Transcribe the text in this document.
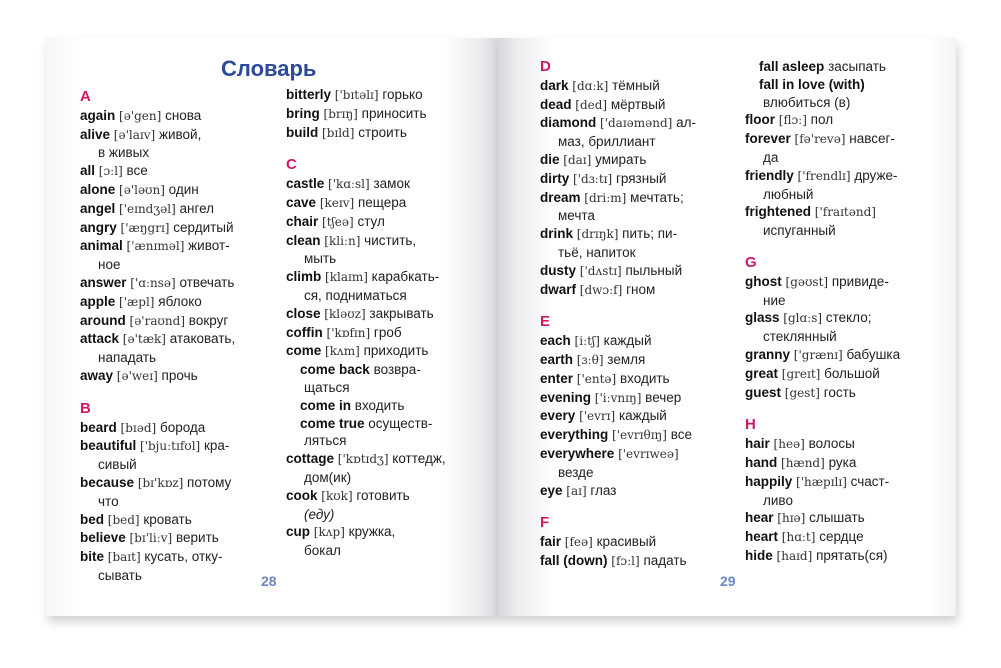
Словарь
A
again [ə'gen] снова
alive [ə'laɪv] живой,
в живых
all [ɔːl] все
alone [ə'ləʊn] один
angel ['eɪndʒəl] ангел
angry ['æŋgrɪ] сердитый
animal ['ænɪməl] живот-
ное
answer ['ɑːnsə] отвечать
apple ['æpl] яблоко
around [ə'raʊnd] вокруг
attack [ə'tæk] атаковать,
нападать
away [ə'weɪ] прочь
B
beard [bɪəd] борода
beautiful ['bjuːtɪfʊl] кра-
сивый
because [bɪ'kɒz] потому
что
bed [bed] кровать
believe [bɪ'liːv] верить
bite [baɪt] кусать, отку-
сывать
bitterly ['bɪtəlɪ] горько
bring [brɪŋ] приносить
build [bɪld] строить
C
castle ['kɑːsl] замок
cave [keɪv] пещера
chair [tʃeə] стул
clean [kliːn] чистить,
мыть
climb [klaɪm] карабкать-
ся, подниматься
close [kləʊz] закрывать
coffin ['kɒfɪn] гроб
come [kʌm] приходить
come back возвра-
щаться
come in входить
come true осуществ-
ляться
cottage ['kɒtɪdʒ] коттедж,
дом(ик)
cook [kʊk] готовить
(еду)
cup [kʌp] кружка,
бокал
D
dark [dɑːk] тёмный
dead [ded] мёртвый
diamond ['daɪəmənd] ал-
маз, бриллиант
die [daɪ] умирать
dirty ['dɜːtɪ] грязный
dream [driːm] мечтать;
мечта
drink [drɪŋk] пить; пи-
тьё, напиток
dusty ['dʌstɪ] пыльный
dwarf [dwɔːf] гном
E
each [iːtʃ] каждый
earth [ɜːθ] земля
enter ['entə] входить
evening ['iːvnɪŋ] вечер
every ['evrɪ] каждый
everything ['evrɪθɪŋ] все
everywhere ['evrɪweə]
везде
eye [aɪ] глаз
F
fair [feə] красивый
fall (down) [fɔːl] падать
fall asleep засыпать
fall in love (with)
влюбиться (в)
floor [flɔː] пол
forever [fə'revə] навсег-
да
friendly ['frendlɪ] друже-
любный
frightened ['fraɪtənd]
испуганный
G
ghost [gəʊst] привиде-
ние
glass [glɑːs] стекло;
стеклянный
granny ['grænɪ] бабушка
great [greɪt] большой
guest [gest] гость
H
hair [heə] волосы
hand [hænd] рука
happily ['hæpɪlɪ] счаст-
ливо
hear [hɪə] слышать
heart [hɑːt] сердце
hide [haɪd] прятать(ся)
28	29
